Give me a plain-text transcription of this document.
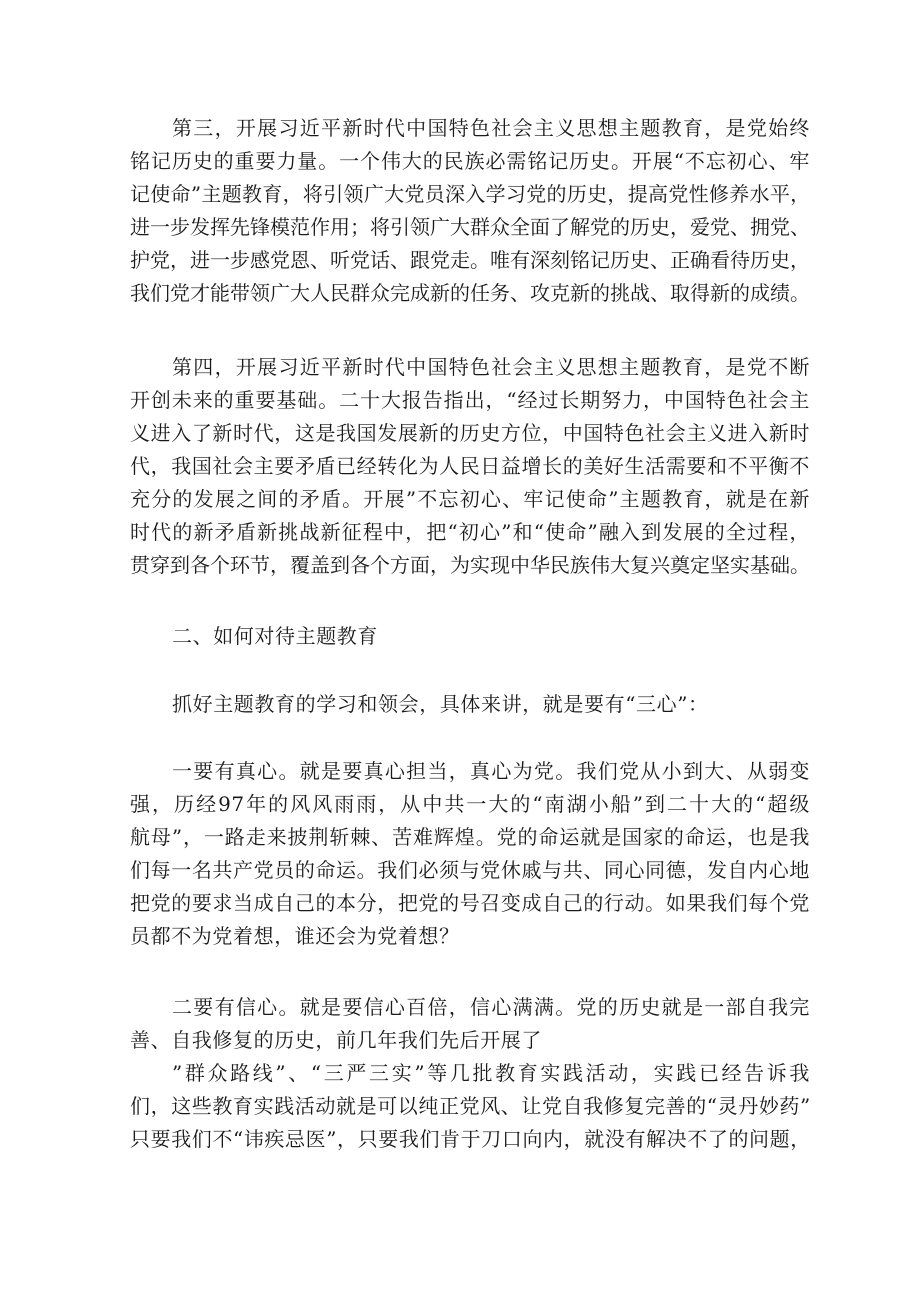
第三，开展习近平新时代中国特色社会主义思想主题教育，是党始终
铭记历史的重要力量。一个伟大的民族必需铭记历史。开展“不忘初心、牢
记使命”主题教育，将引领广大党员深入学习党的历史，提高党性修养水平，
进一步发挥先锋模范作用；将引领广大群众全面了解党的历史，爱党、拥党、
护党，进一步感党恩、听党话、跟党走。唯有深刻铭记历史、正确看待历史，
我们党才能带领广大人民群众完成新的任务、攻克新的挑战、取得新的成绩。
第四，开展习近平新时代中国特色社会主义思想主题教育，是党不断
开创未来的重要基础。二十大报告指出，“经过长期努力，中国特色社会主
义进入了新时代，这是我国发展新的历史方位，中国特色社会主义进入新时
代，我国社会主要矛盾已经转化为人民日益增长的美好生活需要和不平衡不
充分的发展之间的矛盾。开展”不忘初心、牢记使命”主题教育，就是在新
时代的新矛盾新挑战新征程中，把“初心”和“使命”融入到发展的全过程，
贯穿到各个环节，覆盖到各个方面，为实现中华民族伟大复兴奠定坚实基础。
二、如何对待主题教育
抓好主题教育的学习和领会，具体来讲，就是要有“三心”：
一要有真心。就是要真心担当，真心为党。我们党从小到大、从弱变
强，历经97年的风风雨雨，从中共一大的“南湖小船”到二十大的“超级
航母”，一路走来披荆斩棘、苦难辉煌。党的命运就是国家的命运，也是我
们每一名共产党员的命运。我们必须与党休戚与共、同心同德，发自内心地
把党的要求当成自己的本分，把党的号召变成自己的行动。如果我们每个党
员都不为党着想，谁还会为党着想？
二要有信心。就是要信心百倍，信心满满。党的历史就是一部自我完
善、自我修复的历史，前几年我们先后开展了
”群众路线”、“三严三实”等几批教育实践活动，实践已经告诉我
们，这些教育实践活动就是可以纯正党风、让党自我修复完善的“灵丹妙药”
只要我们不“讳疾忌医”，只要我们肯于刀口向内，就没有解决不了的问题，
